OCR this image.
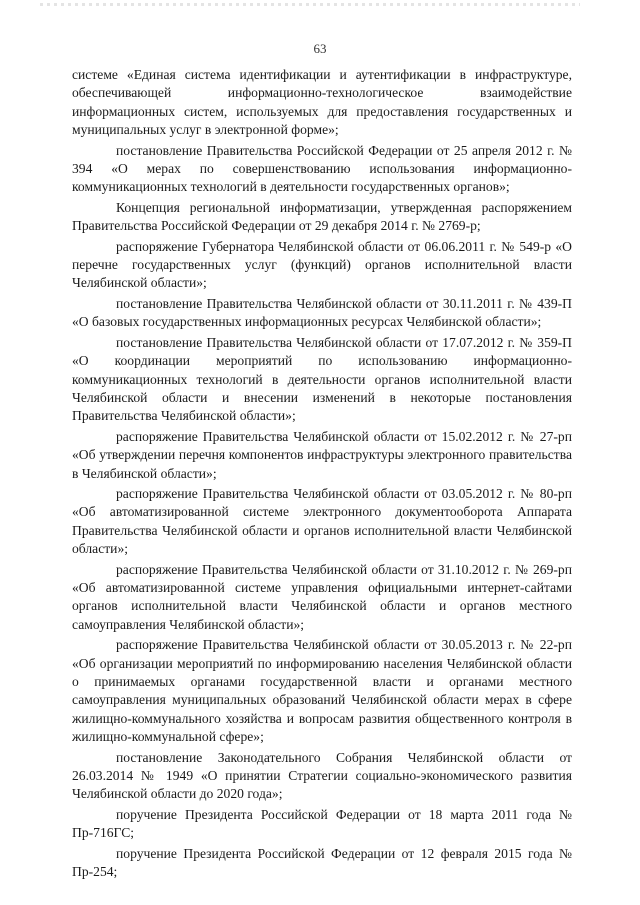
63

системе «Единая система идентификации и аутентификации в инфраструктуре, обеспечивающей информационно-технологическое взаимодействие информационных систем, используемых для предоставления государственных и муниципальных услуг в электронной форме»;

постановление Правительства Российской Федерации от 25 апреля 2012 г. № 394 «О мерах по совершенствованию использования информационно-коммуникационных технологий в деятельности государственных органов»;

Концепция региональной информатизации, утвержденная распоряжением Правительства Российской Федерации от 29 декабря 2014 г. № 2769-р;

распоряжение Губернатора Челябинской области от 06.06.2011 г. № 549-р «О перечне государственных услуг (функций) органов исполнительной власти Челябинской области»;

постановление Правительства Челябинской области от 30.11.2011 г. № 439-П «О базовых государственных информационных ресурсах Челябинской области»;

постановление Правительства Челябинской области от 17.07.2012 г. № 359-П «О координации мероприятий по использованию информационно-коммуникационных технологий в деятельности органов исполнительной власти Челябинской области и внесении изменений в некоторые постановления Правительства Челябинской области»;

распоряжение Правительства Челябинской области от 15.02.2012 г. № 27-рп «Об утверждении перечня компонентов инфраструктуры электронного правительства в Челябинской области»;

распоряжение Правительства Челябинской области от 03.05.2012 г. № 80-рп «Об автоматизированной системе электронного документооборота Аппарата Правительства Челябинской области и органов исполнительной власти Челябинской области»;

распоряжение Правительства Челябинской области от 31.10.2012 г. № 269-рп «Об автоматизированной системе управления официальными интернет-сайтами органов исполнительной власти Челябинской области и органов местного самоуправления Челябинской области»;

распоряжение Правительства Челябинской области от 30.05.2013 г. № 22-рп «Об организации мероприятий по информированию населения Челябинской области о принимаемых органами государственной власти и органами местного самоуправления муниципальных образований Челябинской области мерах в сфере жилищно-коммунального хозяйства и вопросам развития общественного контроля в жилищно-коммунальной сфере»;

постановление Законодательного Собрания Челябинской области от 26.03.2014 № 1949 «О принятии Стратегии социально-экономического развития Челябинской области до 2020 года»;

поручение Президента Российской Федерации от 18 марта 2011 года № Пр-716ГС;

поручение Президента Российской Федерации от 12 февраля 2015 года № Пр-254;
